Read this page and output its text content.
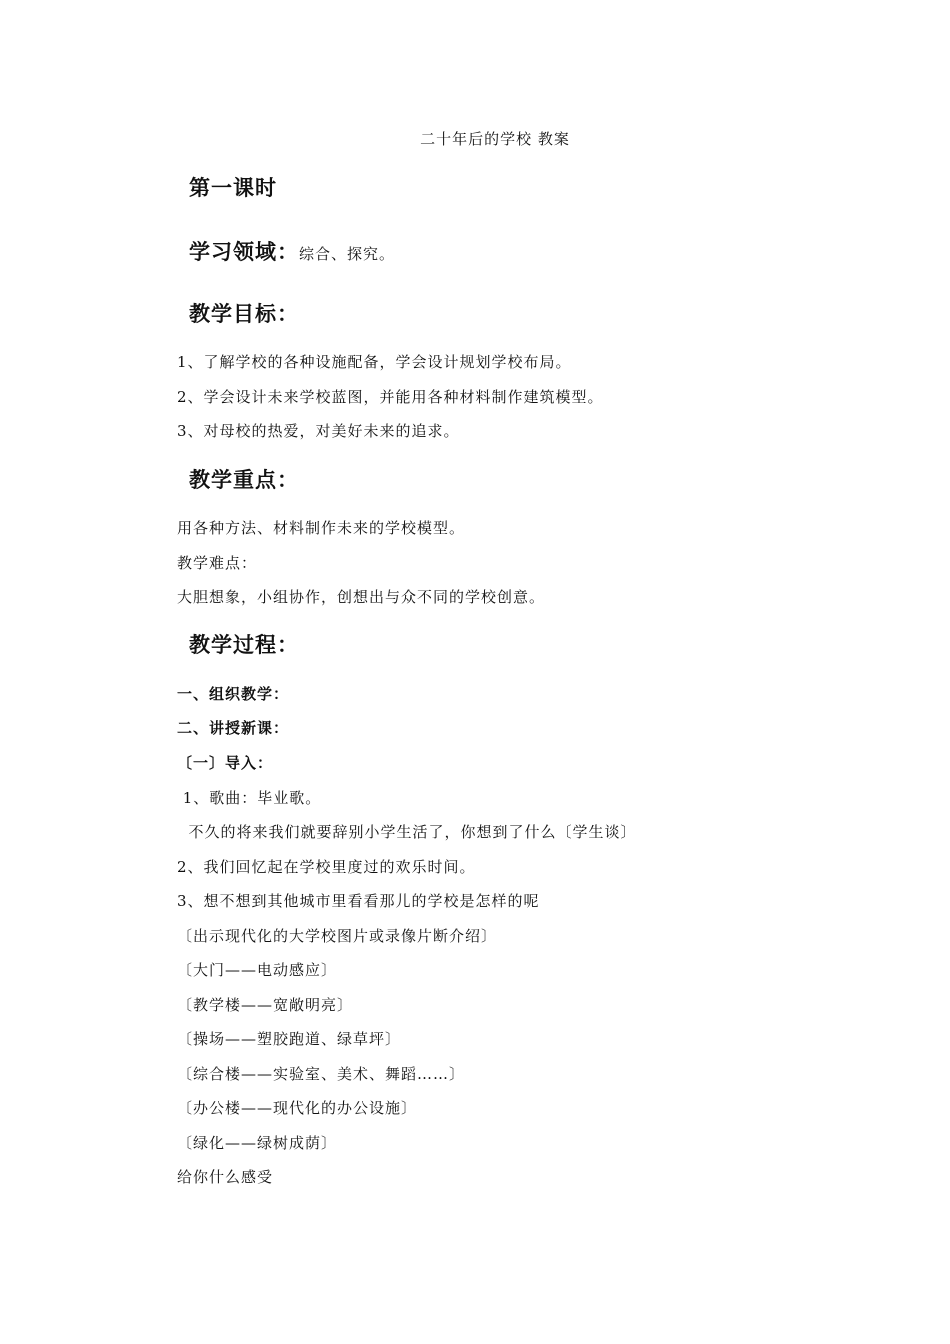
二十年后的学校 教案
第一课时
学习领域：综合、探究。
教学目标：
1、了解学校的各种设施配备，学会设计规划学校布局。
2、学会设计未来学校蓝图，并能用各种材料制作建筑模型。
3、对母校的热爱，对美好未来的追求。
教学重点：
用各种方法、材料制作未来的学校模型。
教学难点：
大胆想象，小组协作，创想出与众不同的学校创意。
教学过程：
一、组织教学：
二、讲授新课：
〔一〕导入：
1、歌曲：毕业歌。
不久的将来我们就要辞别小学生活了，你想到了什么〔学生谈〕
2、我们回忆起在学校里度过的欢乐时间。
3、想不想到其他城市里看看那儿的学校是怎样的呢
〔出示现代化的大学校图片或录像片断介绍〕
〔大门——电动感应〕
〔教学楼——宽敞明亮〕
〔操场——塑胶跑道、绿草坪〕
〔综合楼——实验室、美术、舞蹈……〕
〔办公楼——现代化的办公设施〕
〔绿化——绿树成荫〕
给你什么感受
